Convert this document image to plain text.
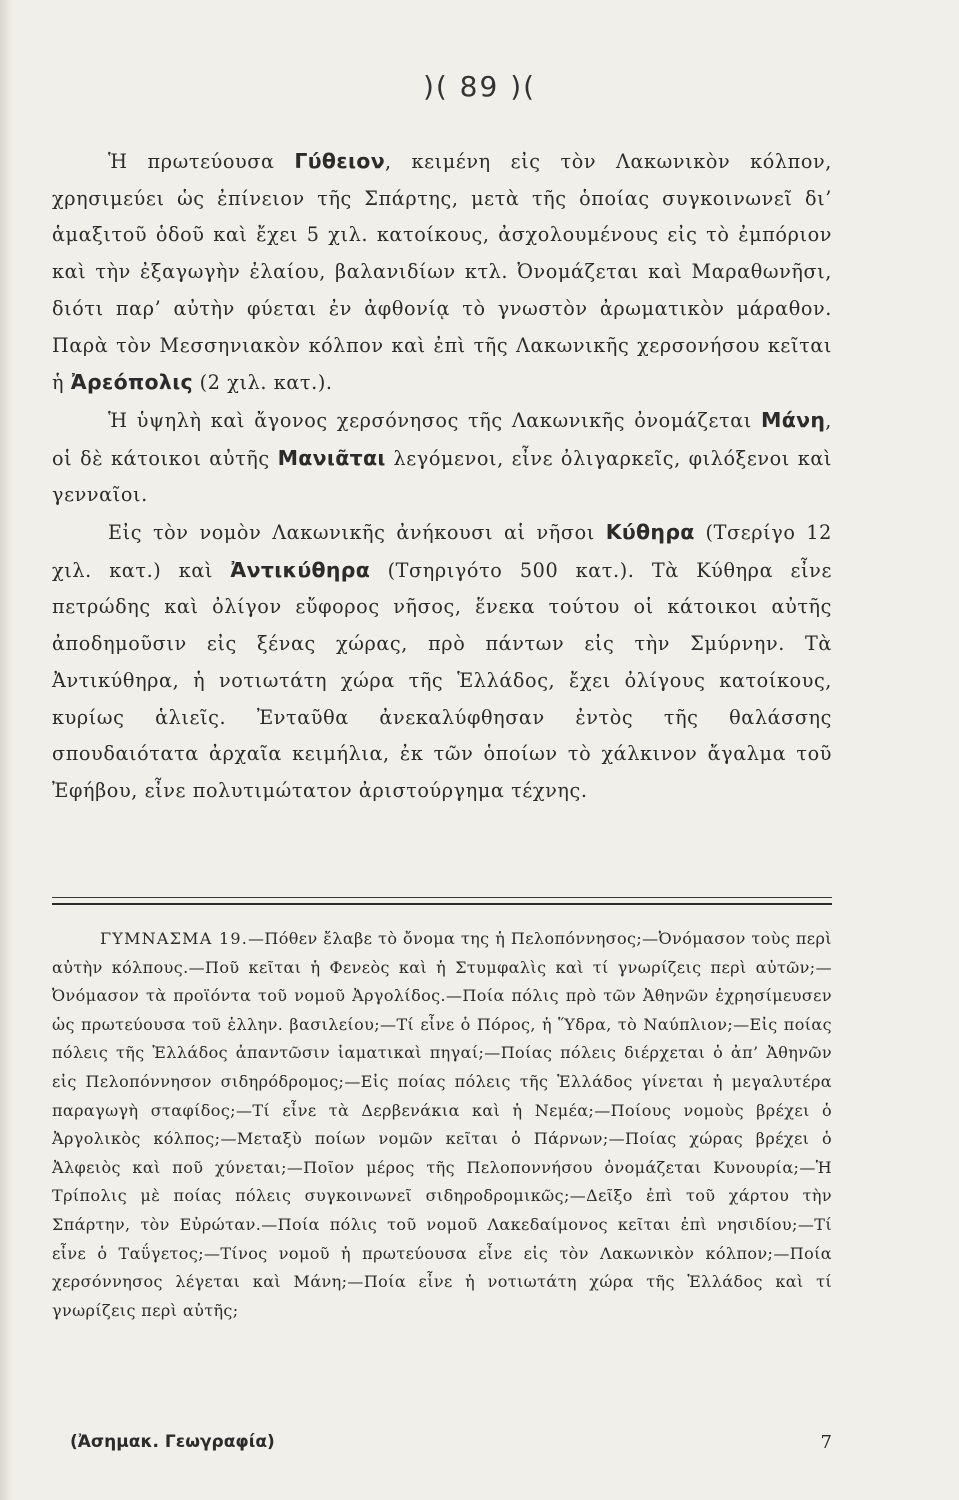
)( 89 )(

Ἡ πρωτεύουσα Γύθειον, κειμένη εἰς τὸν Λακωνικὸν κόλπον, χρησιμεύει ὡς ἐπίνειον τῆς Σπάρτης, μετὰ τῆς ὁποίας συγκοινωνεῖ δι’ ἁμαξιτοῦ ὁδοῦ καὶ ἔχει 5 χιλ. κατοίκους, ἀσχολουμένους εἰς τὸ ἐμπόριον καὶ τὴν ἐξαγωγὴν ἐλαίου, βαλανιδίων κτλ. Ὀνομάζεται καὶ Μαραθωνῆσι, διότι παρ’ αὐτὴν φύεται ἐν ἀφθονίᾳ τὸ γνωστὸν ἀρωματικὸν μάραθον. Παρὰ τὸν Μεσσηνιακὸν κόλπον καὶ ἐπὶ τῆς Λακωνικῆς χερσονήσου κεῖται ἡ Ἀρεόπολις (2 χιλ. κατ.).

Ἡ ὑψηλὴ καὶ ἄγονος χερσόνησος τῆς Λακωνικῆς ὀνομάζεται Μάνη, οἱ δὲ κάτοικοι αὐτῆς Μανιᾶται λεγόμενοι, εἶνε ὀλιγαρκεῖς, φιλόξενοι καὶ γενναῖοι.

Εἰς τὸν νομὸν Λακωνικῆς ἀνήκουσι αἱ νῆσοι Κύθηρα (Τσερίγο 12 χιλ. κατ.) καὶ Ἀντικύθηρα (Τσηριγότο 500 κατ.). Τὰ Κύθηρα εἶνε πετρώδης καὶ ὀλίγον εὔφορος νῆσος, ἕνεκα τούτου οἱ κάτοικοι αὐτῆς ἀποδημοῦσιν εἰς ξένας χώρας, πρὸ πάντων εἰς τὴν Σμύρνην. Τὰ Ἀντικύθηρα, ἡ νοτιωτάτη χώρα τῆς Ἑλλάδος, ἔχει ὀλίγους κατοίκους, κυρίως ἁλιεῖς. Ἐνταῦθα ἀνεκαλύφθησαν ἐντὸς τῆς θαλάσσης σπουδαιότατα ἀρχαῖα κειμήλια, ἐκ τῶν ὁποίων τὸ χάλκινον ἄγαλμα τοῦ Ἐφήβου, εἶνε πολυτιμώτατον ἀριστούργημα τέχνης.

ΓΥΜΝΑΣΜΑ 19.—Πόθεν ἔλαβε τὸ ὄνομα της ἡ Πελοπόννησος;—Ὀνόμασον τοὺς περὶ αὐτὴν κόλπους.—Ποῦ κεῖται ἡ Φενεὸς καὶ ἡ Στυμφαλὶς καὶ τί γνωρίζεις περὶ αὐτῶν;—Ὀνόμασον τὰ προϊόντα τοῦ νομοῦ Ἀργολίδος.—Ποία πόλις πρὸ τῶν Ἀθηνῶν ἐχρησίμευσεν ὡς πρωτεύουσα τοῦ ἑλλην. βασιλείου;—Τί εἶνε ὁ Πόρος, ἡ Ὕδρα, τὸ Ναύπλιον;—Εἰς ποίας πόλεις τῆς Ἑλλάδος ἀπαντῶσιν ἰαματικαὶ πηγαί;—Ποίας πόλεις διέρχεται ὁ ἀπ’ Ἀθηνῶν εἰς Πελοπόννησον σιδηρόδρομος;—Εἰς ποίας πόλεις τῆς Ἑλλάδος γίνεται ἡ μεγαλυτέρα παραγωγὴ σταφίδος;—Τί εἶνε τὰ Δερβενάκια καὶ ἡ Νεμέα;—Ποίους νομοὺς βρέχει ὁ Ἀργολικὸς κόλπος;—Μεταξὺ ποίων νομῶν κεῖται ὁ Πάρνων;—Ποίας χώρας βρέχει ὁ Ἀλφειὸς καὶ ποῦ χύνεται;—Ποῖον μέρος τῆς Πελοποννήσου ὀνομάζεται Κυνουρία;—Ἡ Τρίπολις μὲ ποίας πόλεις συγκοινωνεῖ σιδηροδρομικῶς;—Δεῖξο ἐπὶ τοῦ χάρτου τὴν Σπάρτην, τὸν Εὐρώταν.—Ποία πόλις τοῦ νομοῦ Λακεδαίμονος κεῖται ἐπὶ νησιδίου;—Τί εἶνε ὁ Ταΰγετος;—Τίνος νομοῦ ἡ πρωτεύουσα εἶνε εἰς τὸν Λακωνικὸν κόλπον;—Ποία χερσόννησος λέγεται καὶ Μάνη;—Ποία εἶνε ἡ νοτιωτάτη χώρα τῆς Ἑλλάδος καὶ τί γνωρίζεις περὶ αὐτῆς;

(Ἀσημακ. Γεωγραφία)	7
